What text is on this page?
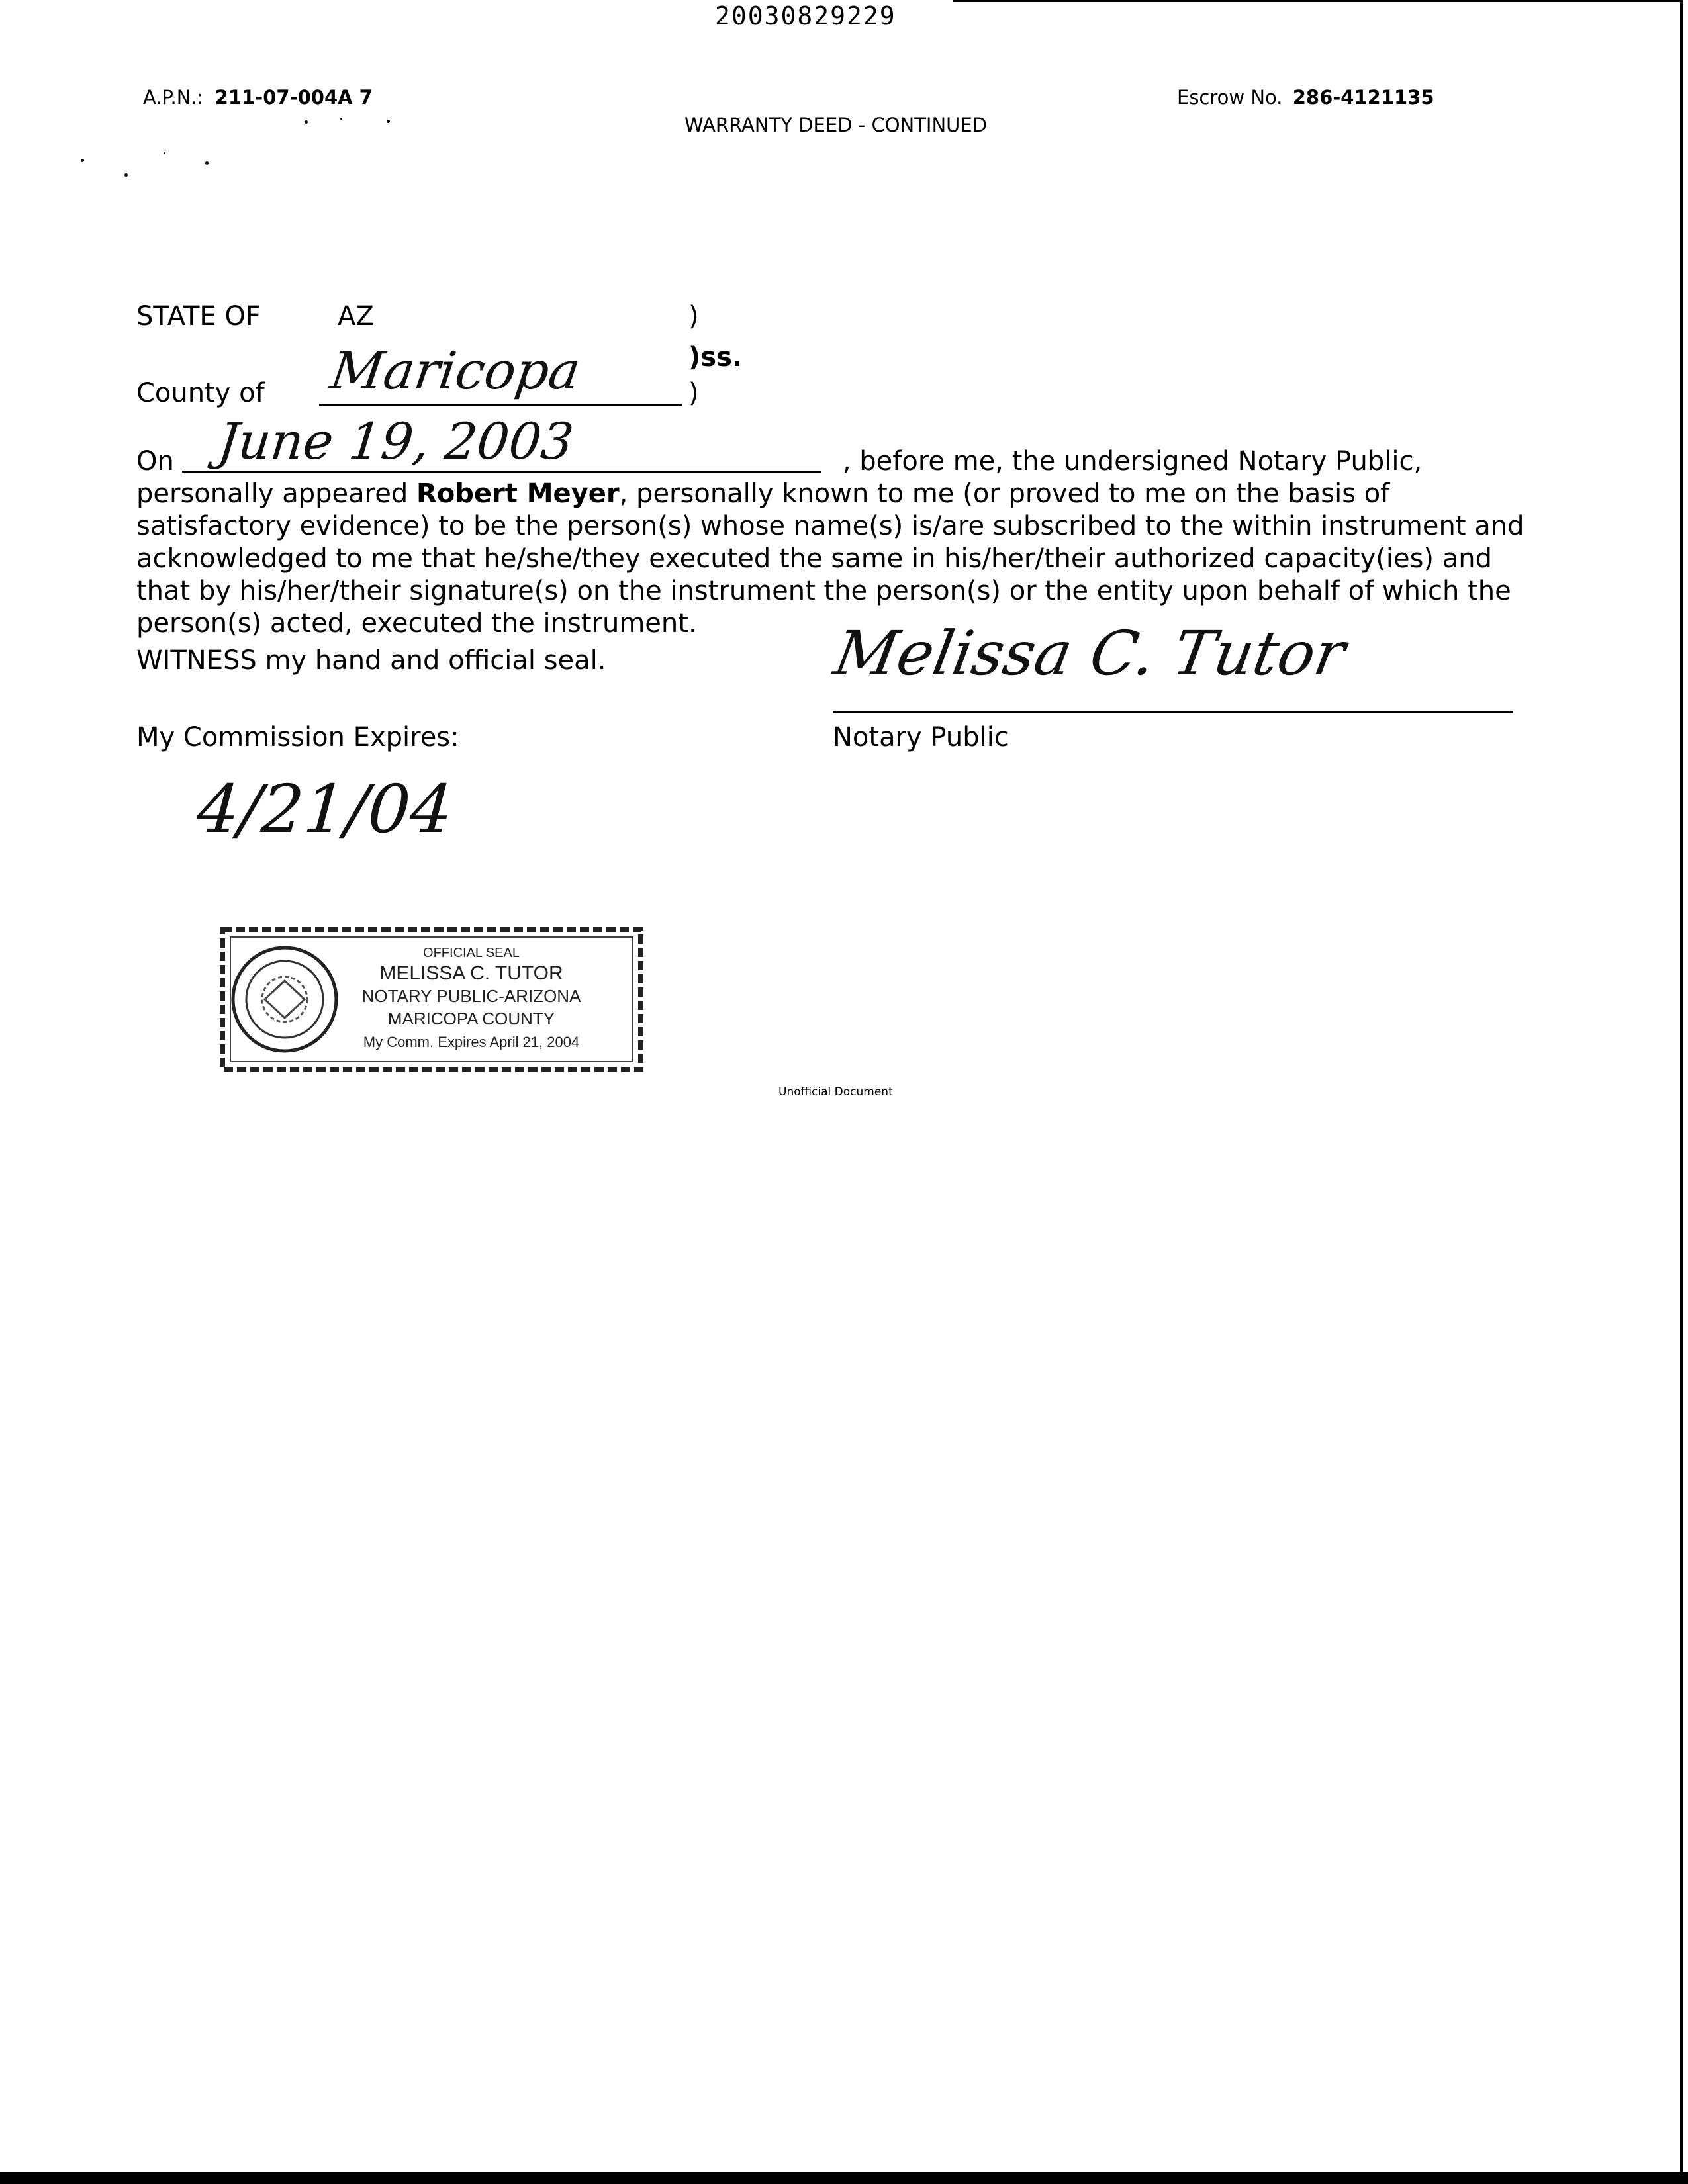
20030829229
A.P.N.: 211-07-004A 7
WARRANTY DEED - CONTINUED
Escrow No. 286-4121135
STATE OF	AZ	)
)ss.
County of Maricopa	)
June 19, 2003

On	, before me, the undersigned Notary Public, personally appeared Robert Meyer, personally known to me (or proved to me on the basis of satisfactory evidence) to be the person(s) whose name(s) is/are subscribed to the within instrument and acknowledged to me that he/she/they executed the same in his/her/their authorized capacity(ies) and that by his/her/their signature(s) on the instrument the person(s) or the entity upon behalf of which the person(s) acted, executed the instrument.

WITNESS my hand and official seal.	Melissa C. Tutor
Notary Public
My Commission Expires:
4/21/04
OFFICIAL SEAL
MELISSA C. TUTOR
NOTARY PUBLIC-ARIZONA
MARICOPA COUNTY
My Comm. Expires April 21, 2004
Unofficial Document
